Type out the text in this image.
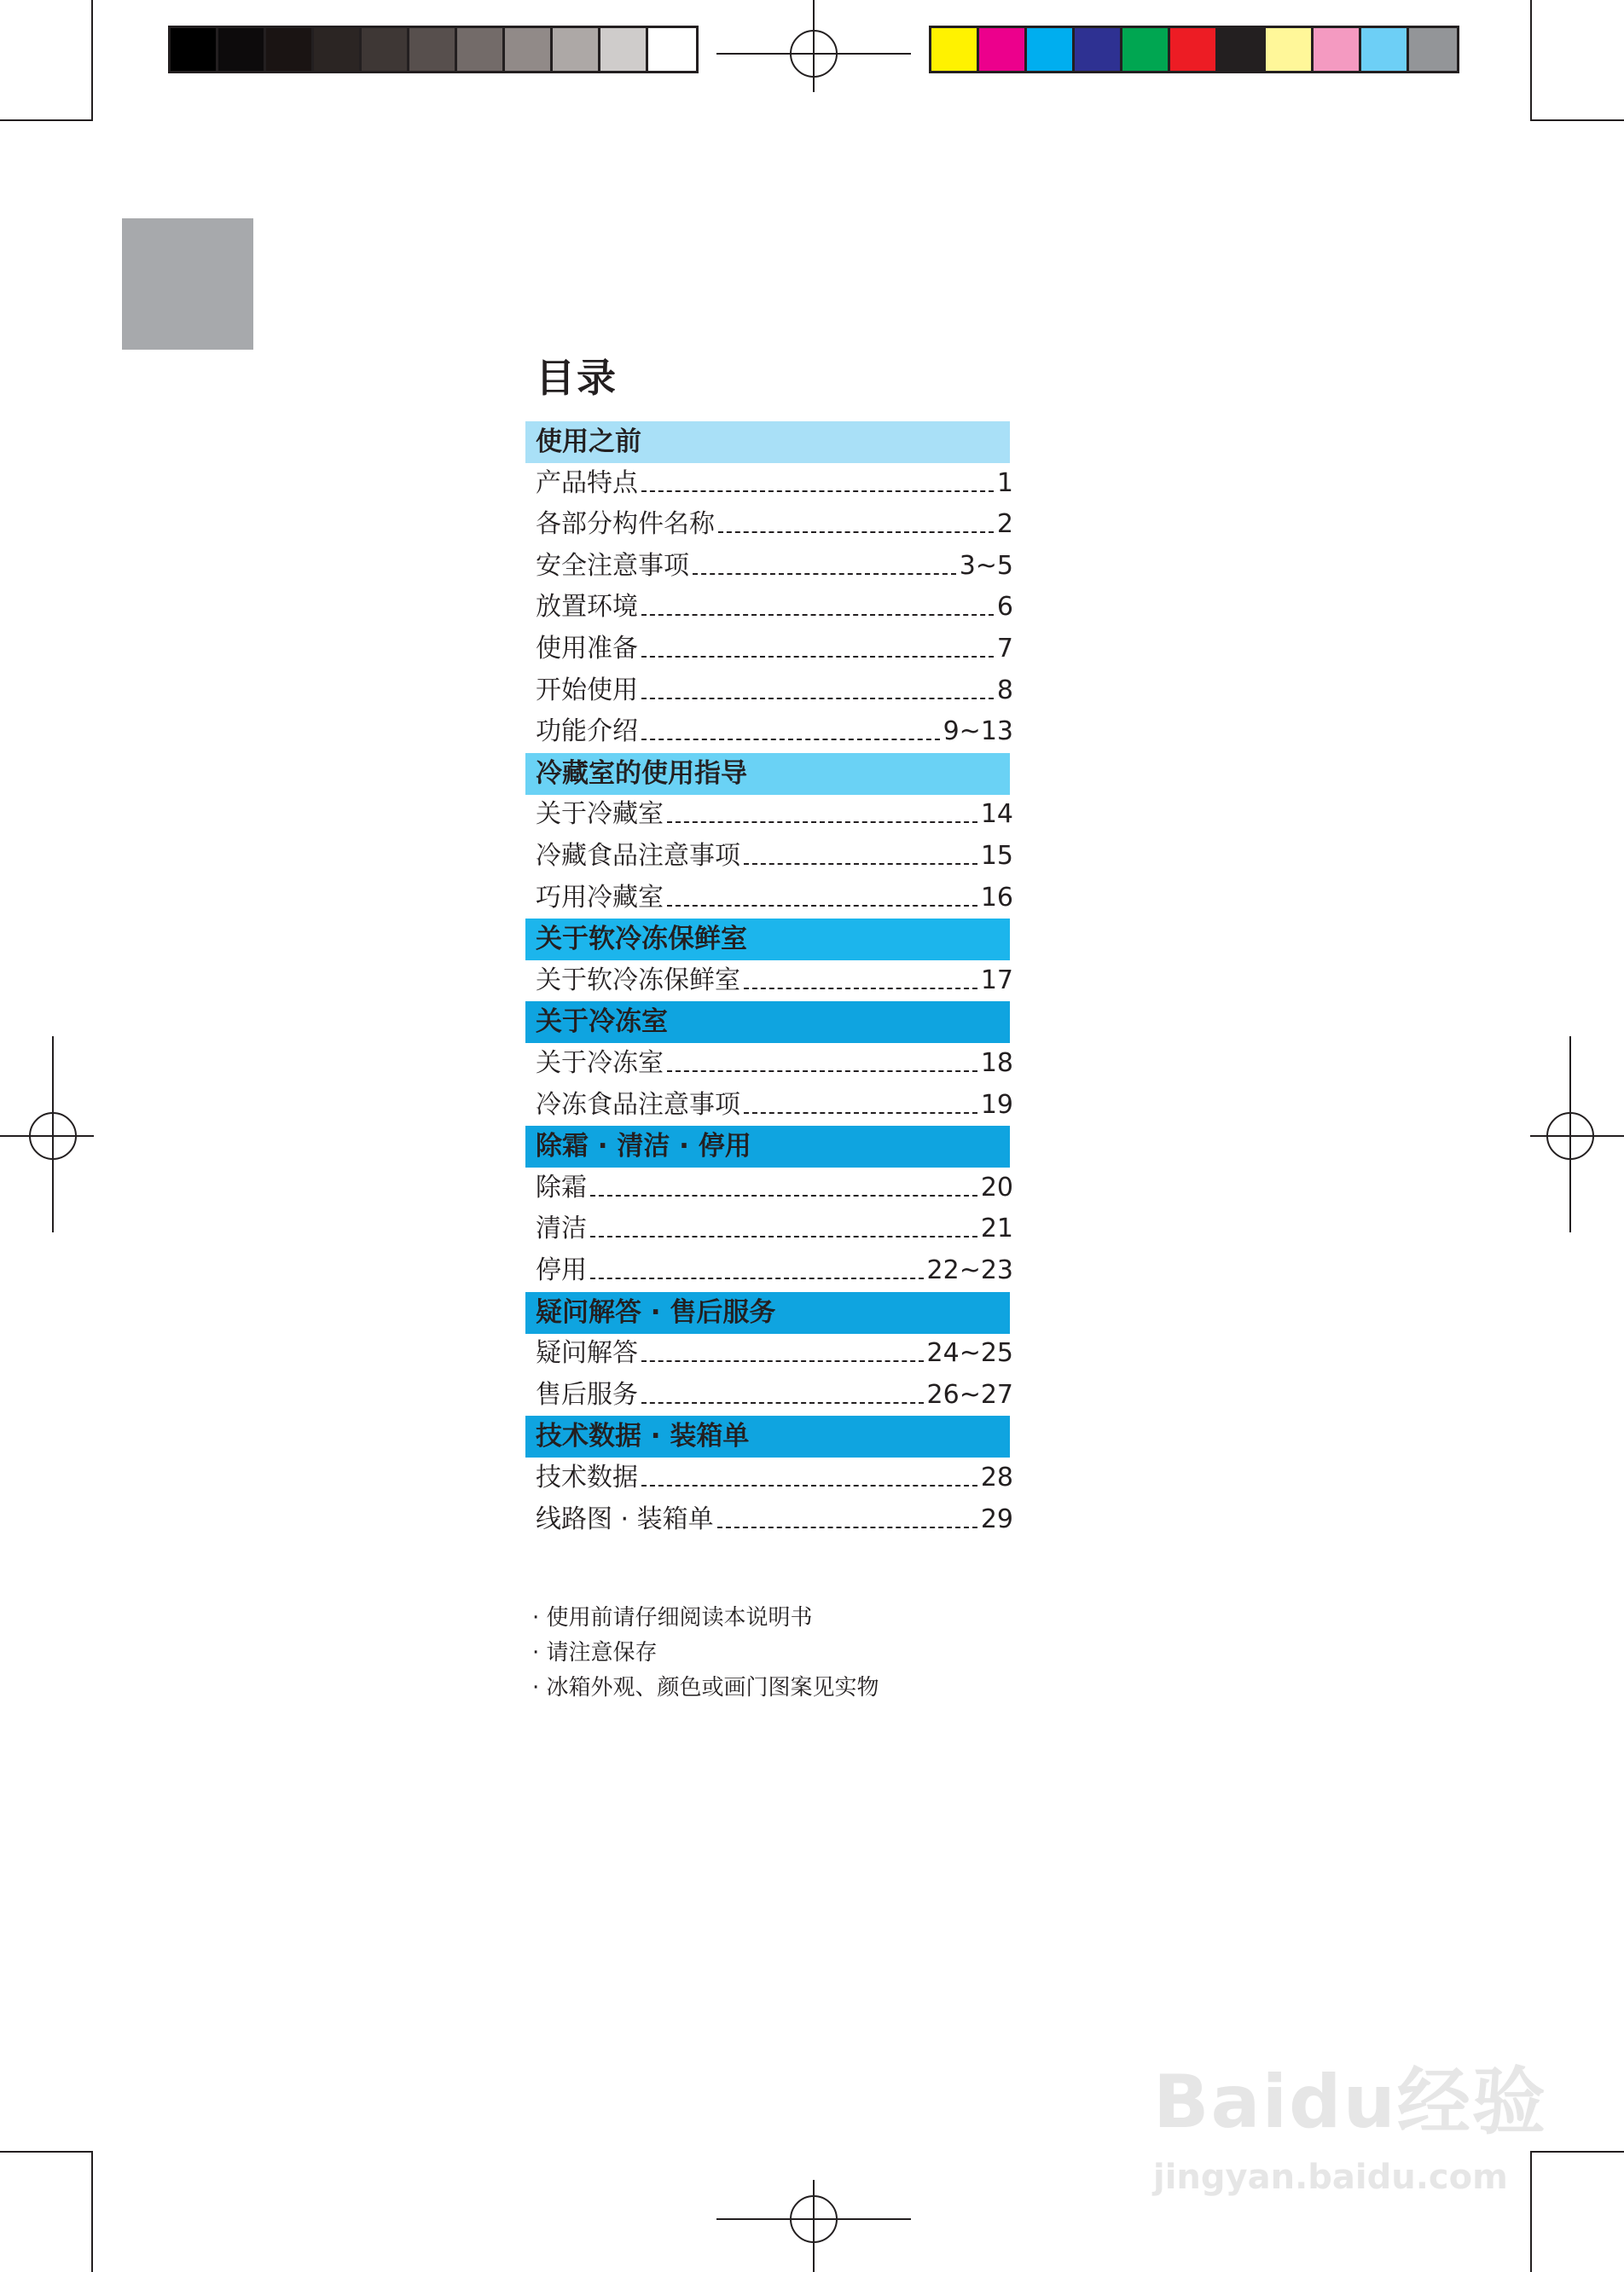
目录
使用之前
产品特点	1
各部分构件名称	2
安全注意事项	3~5
放置环境	6
使用准备	7
开始使用	8
功能介绍	9~13
冷藏室的使用指导
关于冷藏室	14
冷藏食品注意事项	15
巧用冷藏室	16
关于软冷冻保鲜室
关于软冷冻保鲜室	17
关于冷冻室
关于冷冻室	18
冷冻食品注意事项	19
除霜 · 清洁 · 停用
除霜	20
清洁	21
停用	22~23
疑问解答 · 售后服务
疑问解答	24~25
售后服务	26~27
技术数据 · 装箱单
技术数据	28
线路图 · 装箱单	29
· 使用前请仔细阅读本说明书
· 请注意保存
· 冰箱外观、颜色或画门图案见实物
Baidu经验
jingyan.baidu.com
